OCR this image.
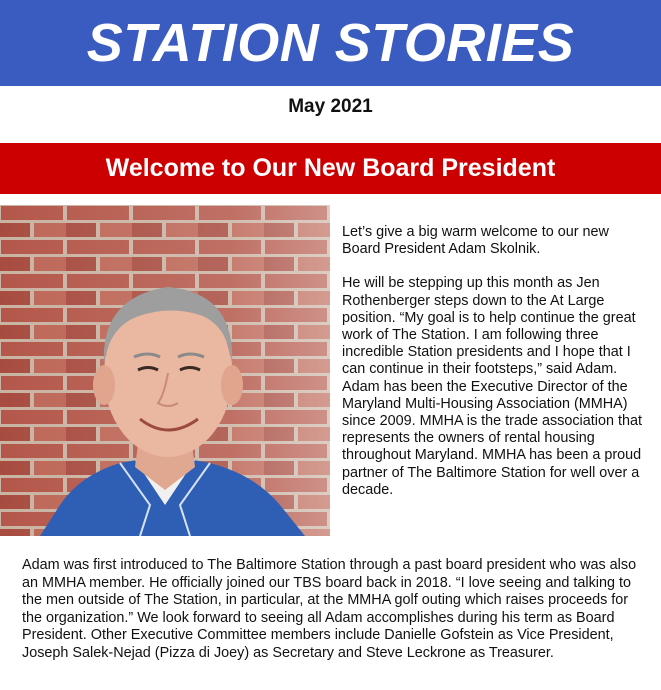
STATION STORIES
May 2021
Welcome to Our New Board President

Let’s give a big warm welcome to our new Board President Adam Skolnik.

He will be stepping up this month as Jen Rothenberger steps down to the At Large position. “My goal is to help continue the great work of The Station. I am following three incredible Station presidents and I hope that I can continue in their footsteps,” said Adam. Adam has been the Executive Director of the Maryland Multi-Housing Association (MMHA) since 2009. MMHA is the trade association that represents the owners of rental housing throughout Maryland. MMHA has been a proud partner of The Baltimore Station for well over a decade.

Adam was first introduced to The Baltimore Station through a past board president who was also an MMHA member. He officially joined our TBS board back in 2018. “I love seeing and talking to the men outside of The Station, in particular, at the MMHA golf outing which raises proceeds for the organization.” We look forward to seeing all Adam accomplishes during his term as Board President. Other Executive Committee members include Danielle Gofstein as Vice President, Joseph Salek-Nejad (Pizza di Joey) as Secretary and Steve Leckrone as Treasurer.
